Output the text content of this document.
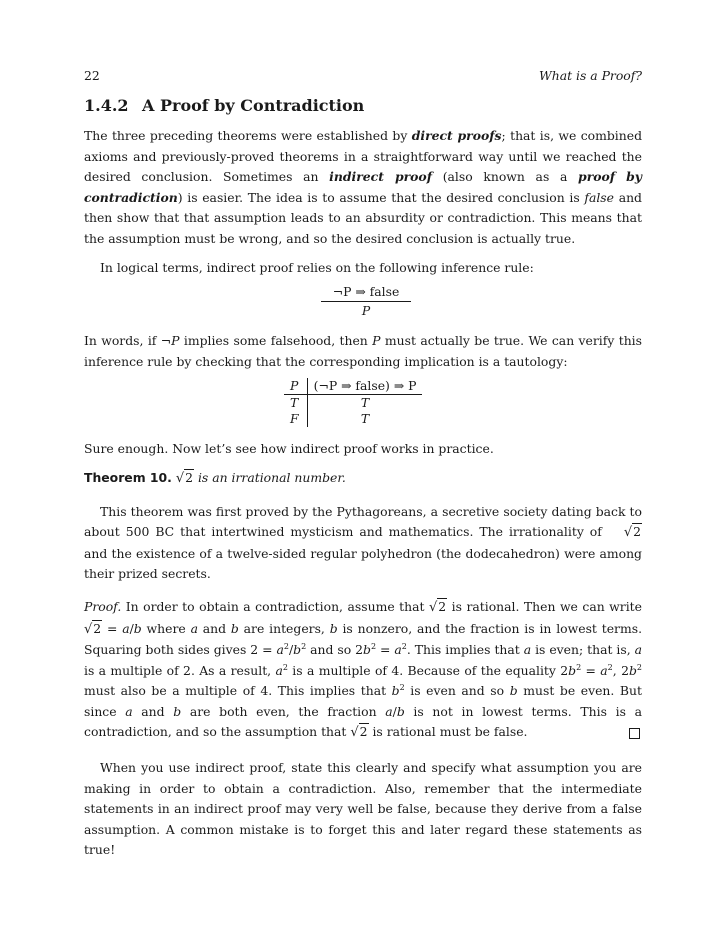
22	What is a Proof?
1.4.2 A Proof by Contradiction

The three preceding theorems were established by direct proofs; that is, we combined axioms and previously-proved theorems in a straightforward way until we reached the desired conclusion. Sometimes an indirect proof (also known as a proof by contradiction) is easier. The idea is to assume that the desired conclusion is false and then show that that assumption leads to an absurdity or contradiction. This means that the assumption must be wrong, and so the desired conclusion is actually true.

In logical terms, indirect proof relies on the following inference rule:

¬P ⇒ false
P

In words, if ¬P implies some falsehood, then P must actually be true. We can verify this inference rule by checking that the corresponding implication is a tautology:

P	(¬P ⇒ false) ⇒ P
T	T
F	T

Sure enough. Now let’s see how indirect proof works in practice.

Theorem 10. √2 is an irrational number.

This theorem was first proved by the Pythagoreans, a secretive society dating back to about 500 BC that intertwined mysticism and mathematics. The irrationality of √2 and the existence of a twelve-sided regular polyhedron (the dodecahedron) were among their prized secrets.

Proof. In order to obtain a contradiction, assume that √2 is rational. Then we can write √2 = a/b where a and b are integers, b is nonzero, and the fraction is in lowest terms. Squaring both sides gives $2 = a^2/b^2$ and so $2b^2 = a^2$. This implies that a is even; that is, a is a multiple of 2. As a result, $a^2$ is a multiple of 4. Because of the equality $2b^2 = a^2$, $2b^2$ must also be a multiple of 4. This implies that $b^2$ is even and so b must be even. But since a and b are both even, the fraction a/b is not in lowest terms. This is a contradiction, and so the assumption that √2 is rational must be false.

When you use indirect proof, state this clearly and specify what assumption you are making in order to obtain a contradiction. Also, remember that the intermediate statements in an indirect proof may very well be false, because they derive from a false assumption. A common mistake is to forget this and later regard these statements as true!
